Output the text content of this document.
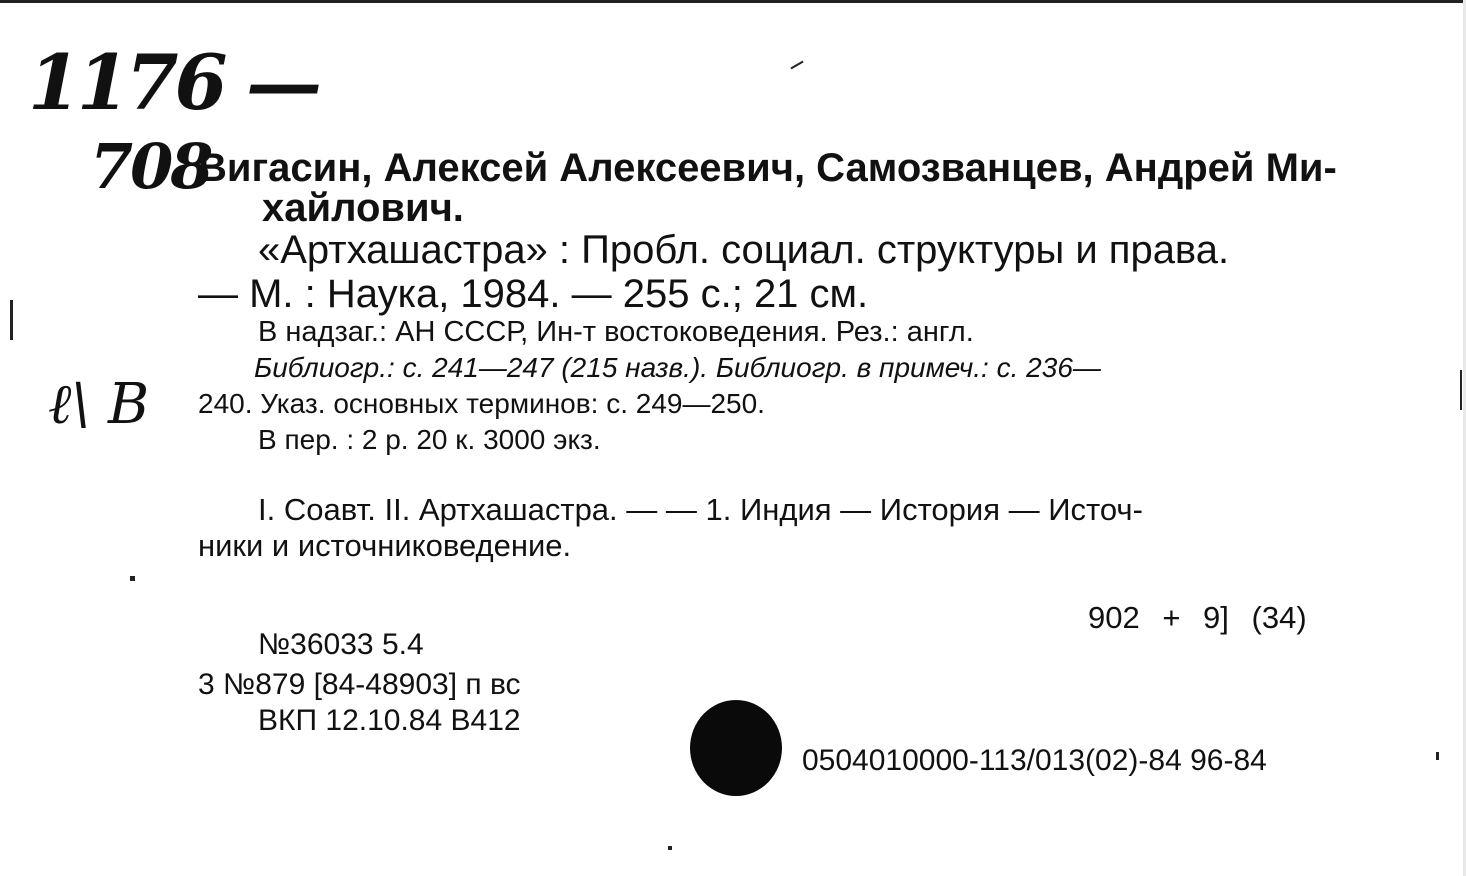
1176 —
708
ℓ\ B
Вигасин, Алексей Алексеевич, Самозванцев, Андрей Ми-
хайлович.
«Артхашастра» : Пробл. социал. структуры и права.
— М. : Наука, 1984. — 255 с.; 21 см.
В надзаг.: АН СССР, Ин-т востоковедения. Рез.: англ.
Библиогр.: с. 241—247 (215 назв.). Библиогр. в примеч.: с. 236—
240. Указ. основных терминов: с. 249—250.
В пер. : 2 р. 20 к. 3000 экз.
I. Соавт. II. Артхашастра. — — 1. Индия — История — Источ-
ники и источниковедение.
902 + 9] (34)
№36033 5.4
3 №879 [84-48903] п вс
ВКП 12.10.84 B412
0504010000-113/013(02)-84 96-84
